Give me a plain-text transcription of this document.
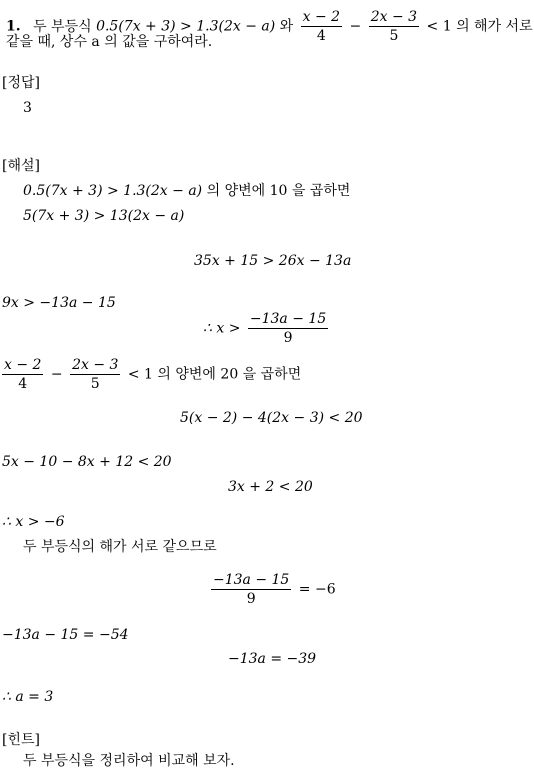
1. 두 부등식 0.5(7x + 3) > 1.3(2x − a) 와 $\frac{x - 2}{4} - \frac{2x - 3}{5} < 1$ 의 해가 서로
같을 때, 상수 a 의 값을 구하여라.
[정답]
3
[해설]
0.5(7x + 3) > 1.3(2x − a) 의 양변에 10 을 곱하면
5(7x + 3) > 13(2x − a)
35x + 15 > 26x − 13a
9x > −13a − 15
∴ $x > \frac{-13a - 15}{9}$
$\frac{x - 2}{4} - \frac{2x - 3}{5} < 1$ 의 양변에 20 을 곱하면
5(x − 2) − 4(2x − 3) < 20
5x − 10 − 8x + 12 < 20
3x + 2 < 20
∴ x > −6
두 부등식의 해가 서로 같으므로
$\frac{-13a - 15}{9} = -6$
−13a − 15 = −54
−13a = −39
∴ a = 3
[힌트]
두 부등식을 정리하여 비교해 보자.
